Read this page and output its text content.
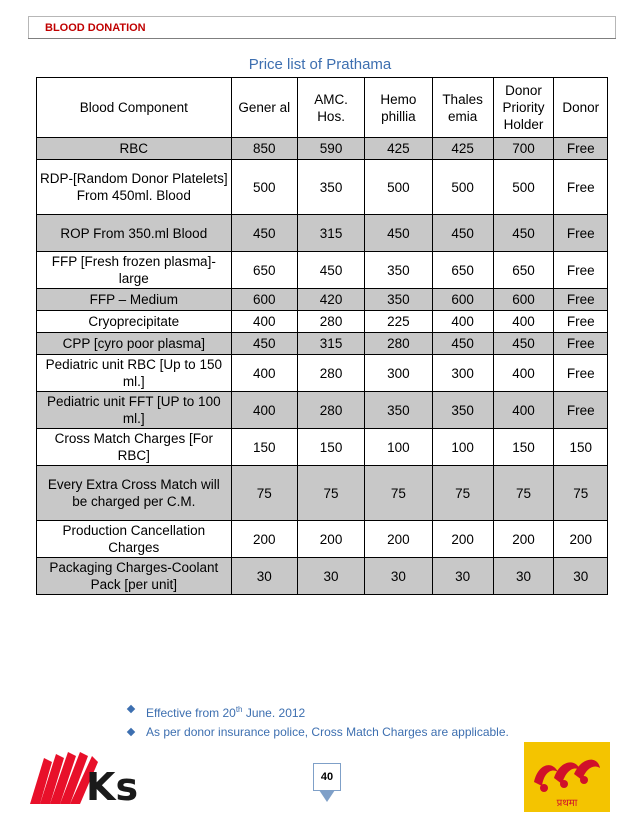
BLOOD DONATION
Price list of Prathama
Blood Component	Gener al	AMC. Hos.	Hemo phillia	Thales emia	Donor Priority Holder	Donor
RBC	850	590	425	425	700	Free
RDP-[Random Donor Platelets] From 450ml. Blood	500	350	500	500	500	Free
ROP From 350.ml Blood	450	315	450	450	450	Free
FFP [Fresh frozen plasma]- large	650	450	350	650	650	Free
FFP – Medium	600	420	350	600	600	Free
Cryoprecipitate	400	280	225	400	400	Free
CPP [cyro poor plasma]	450	315	280	450	450	Free
Pediatric unit RBC [Up to 150 ml.]	400	280	300	300	400	Free
Pediatric unit FFT [UP to 100 ml.]	400	280	350	350	400	Free
Cross Match Charges [For RBC]	150	150	100	100	150	150
Every Extra Cross Match will be charged per C.M.	75	75	75	75	75	75
Production Cancellation Charges	200	200	200	200	200	200
Packaging Charges-Coolant Pack [per unit]	30	30	30	30	30	30
Effective from 20th June. 2012
As per donor insurance police, Cross Match Charges are applicable.
Ks	40
प्रथमा
